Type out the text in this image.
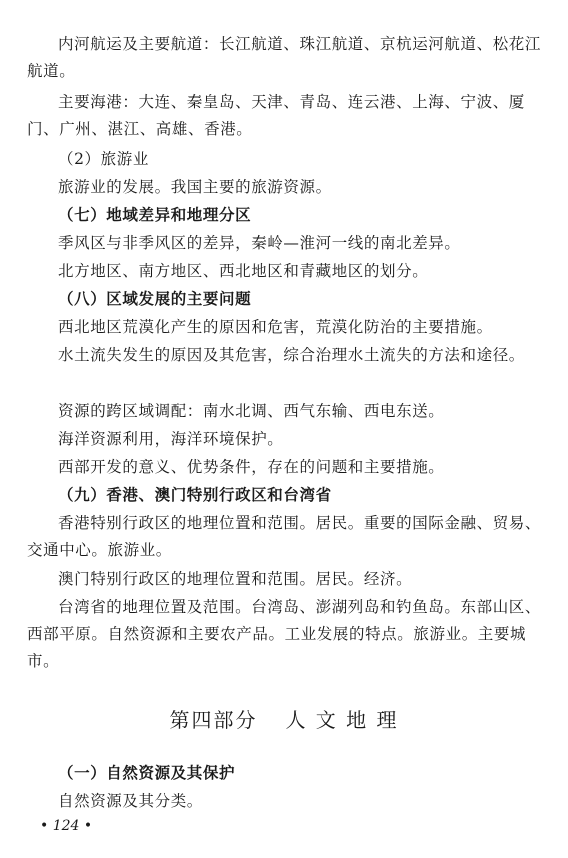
内河航运及主要航道：长江航道、珠江航道、京杭运河航道、松花江航道。
主要海港：大连、秦皇岛、天津、青岛、连云港、上海、宁波、厦门、广州、湛江、高雄、香港。
（2）旅游业
旅游业的发展。我国主要的旅游资源。
（七）地域差异和地理分区
季风区与非季风区的差异，秦岭—淮河一线的南北差异。
北方地区、南方地区、西北地区和青藏地区的划分。
（八）区域发展的主要问题
西北地区荒漠化产生的原因和危害，荒漠化防治的主要措施。
水土流失发生的原因及其危害，综合治理水土流失的方法和途径。
资源的跨区域调配：南水北调、西气东输、西电东送。
海洋资源利用，海洋环境保护。
西部开发的意义、优势条件，存在的问题和主要措施。
（九）香港、澳门特别行政区和台湾省
香港特别行政区的地理位置和范围。居民。重要的国际金融、贸易、交通中心。旅游业。
澳门特别行政区的地理位置和范围。居民。经济。
台湾省的地理位置及范围。台湾岛、澎湖列岛和钓鱼岛。东部山区、西部平原。自然资源和主要农产品。工业发展的特点。旅游业。主要城市。
第四部分 人 文 地 理
（一）自然资源及其保护
自然资源及其分类。
• 124 •
